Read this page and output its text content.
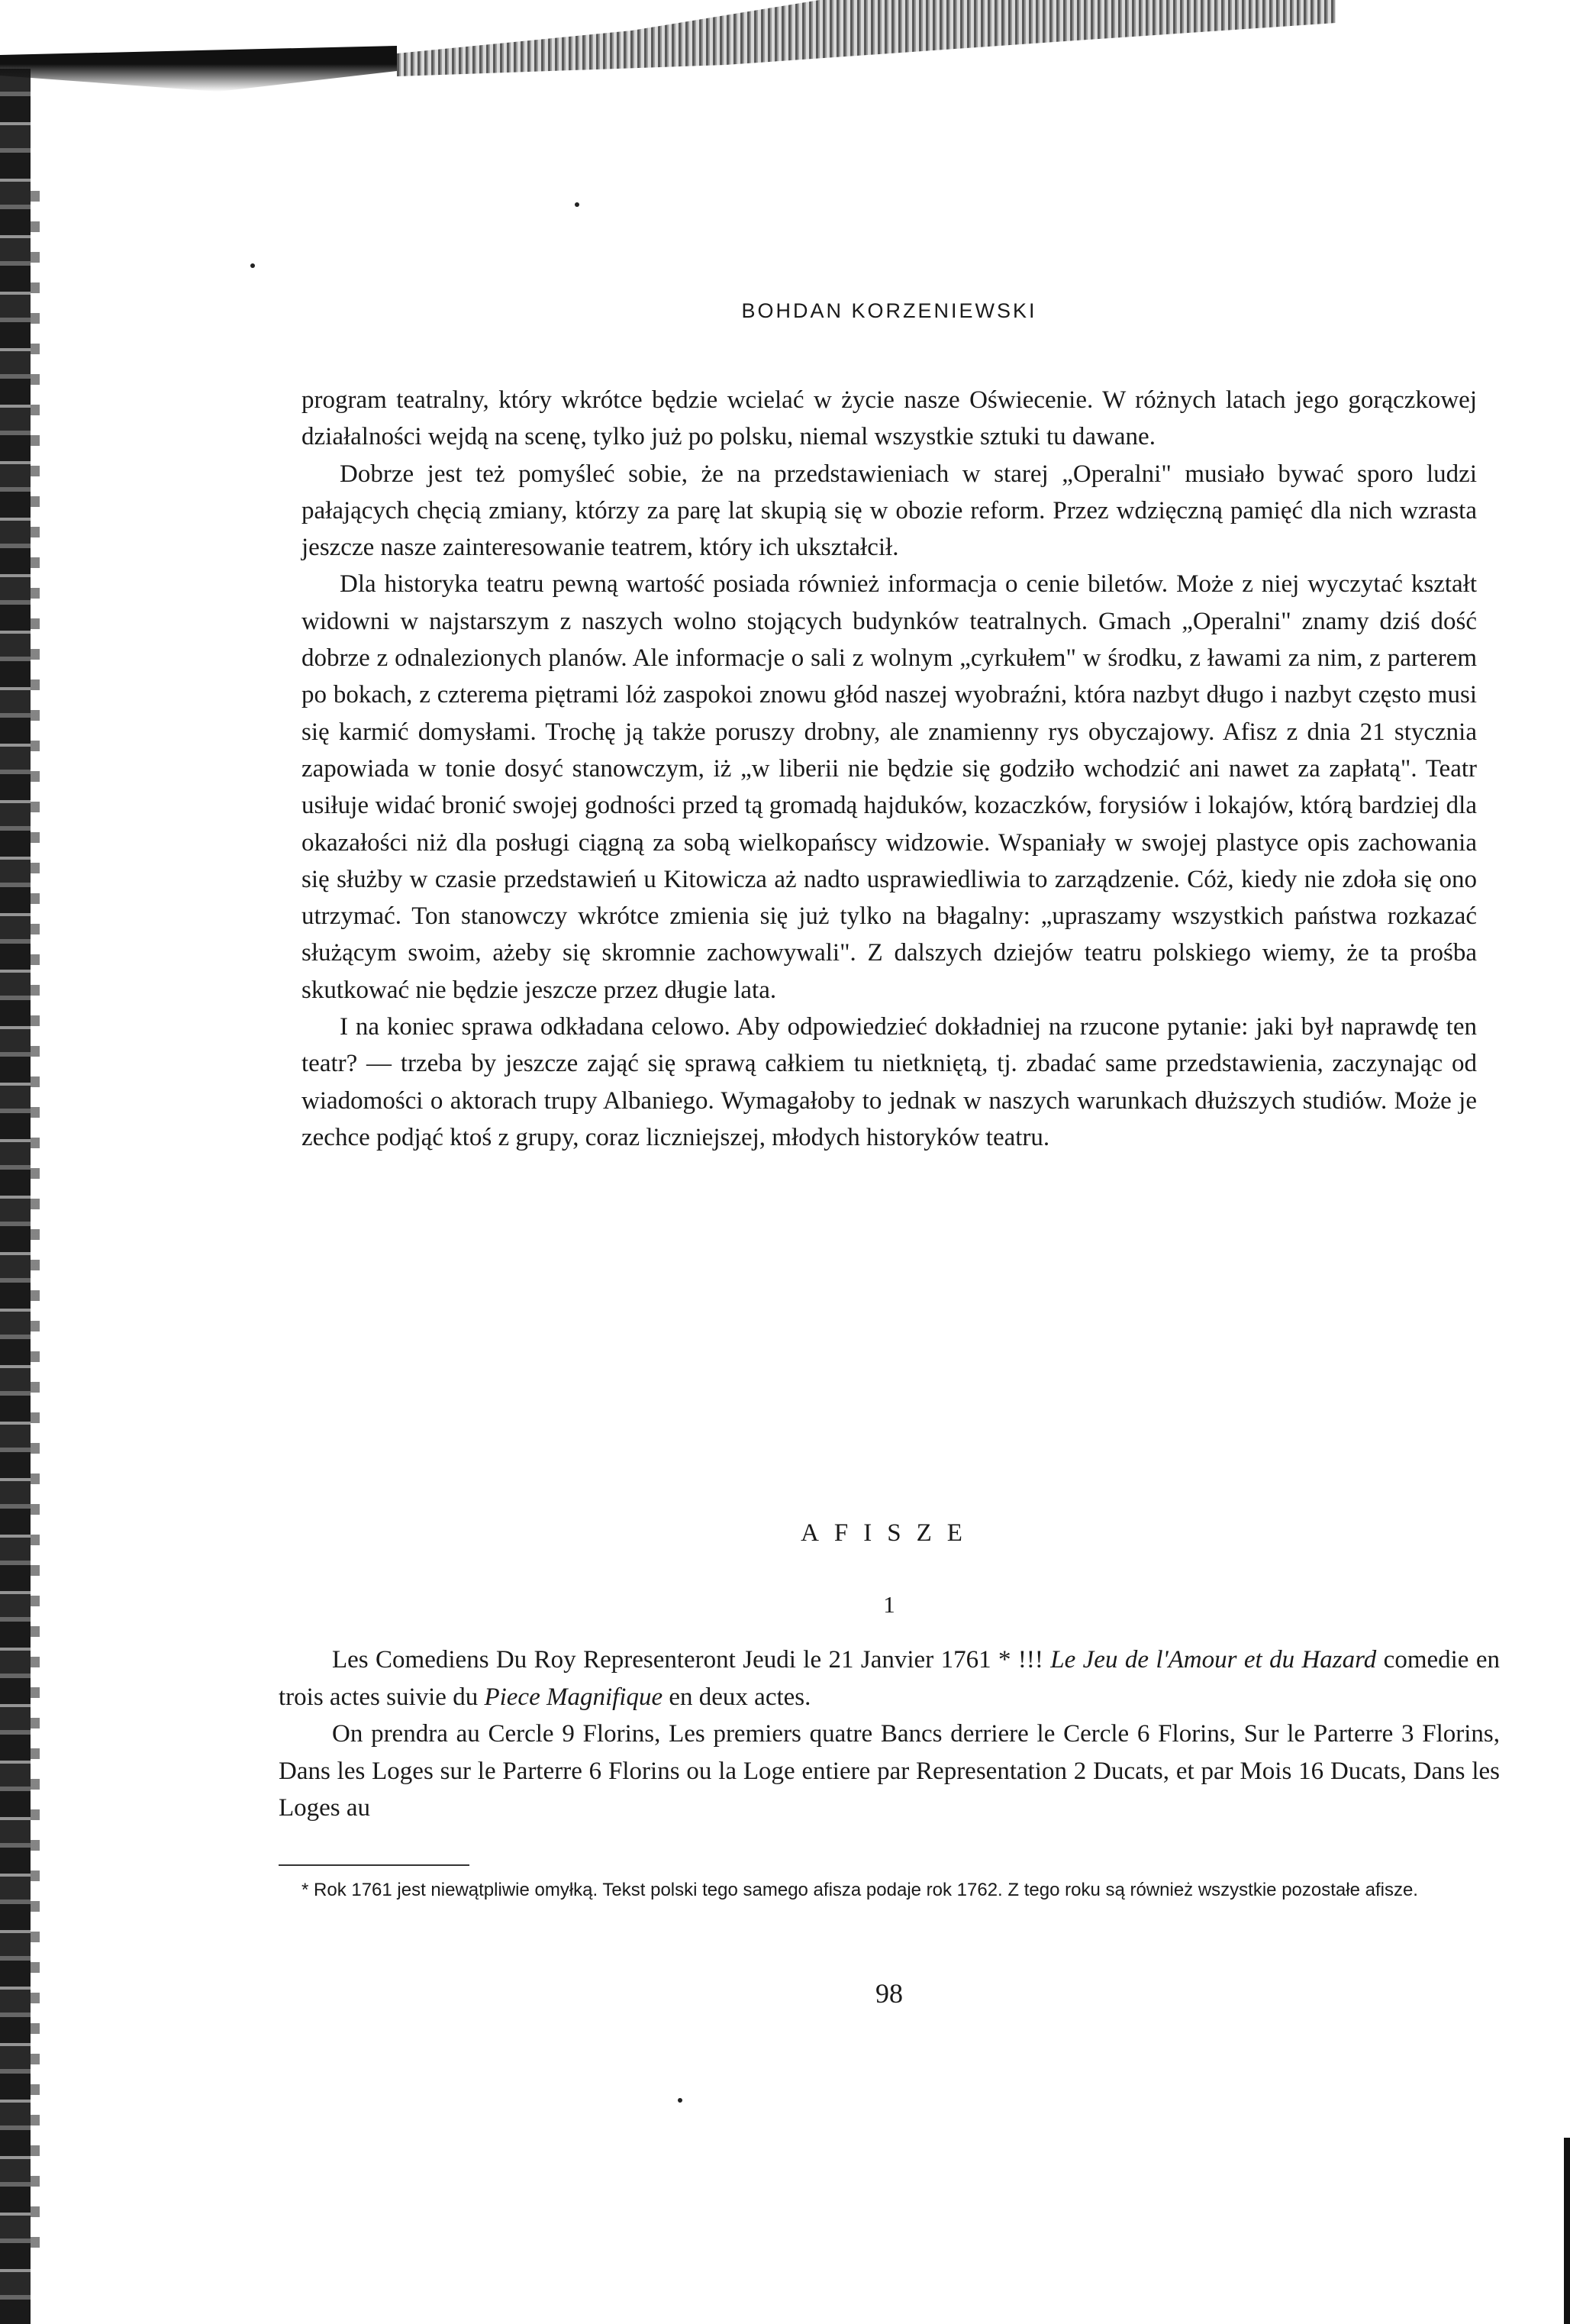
BOHDAN KORZENIEWSKI

program teatralny, który wkrótce będzie wcielać w życie nasze Oświecenie. W różnych latach jego gorączkowej działalności wejdą na scenę, tylko już po polsku, niemal wszystkie sztuki tu dawane.

Dobrze jest też pomyśleć sobie, że na przedstawieniach w starej „Operalni" musiało bywać sporo ludzi pałających chęcią zmiany, którzy za parę lat skupią się w obozie reform. Przez wdzięczną pamięć dla nich wzrasta jeszcze nasze zainteresowanie teatrem, który ich ukształcił.

Dla historyka teatru pewną wartość posiada również informacja o cenie biletów. Może z niej wyczytać kształt widowni w najstarszym z naszych wolno stojących budynków teatralnych. Gmach „Operalni" znamy dziś dość dobrze z odnalezionych planów. Ale informacje o sali z wolnym „cyrkułem" w środku, z ławami za nim, z parterem po bokach, z czterema piętrami lóż zaspokoi znowu głód naszej wyobraźni, która nazbyt długo i nazbyt często musi się karmić domysłami. Trochę ją także poruszy drobny, ale znamienny rys obyczajowy. Afisz z dnia 21 stycznia zapowiada w tonie dosyć stanowczym, iż „w liberii nie będzie się godziło wchodzić ani nawet za zapłatą". Teatr usiłuje widać bronić swojej godności przed tą gromadą hajduków, kozaczków, forysiów i lokajów, którą bardziej dla okazałości niż dla posługi ciągną za sobą wielkopańscy widzowie. Wspaniały w swojej plastyce opis zachowania się służby w czasie przedstawień u Kitowicza aż nadto usprawiedliwia to zarządzenie. Cóż, kiedy nie zdoła się ono utrzymać. Ton stanowczy wkrótce zmienia się już tylko na błagalny: „upraszamy wszystkich państwa rozkazać służącym swoim, ażeby się skromnie zachowywali". Z dalszych dziejów teatru polskiego wiemy, że ta prośba skutkować nie będzie jeszcze przez długie lata.

I na koniec sprawa odkładana celowo. Aby odpowiedzieć dokładniej na rzucone pytanie: jaki był naprawdę ten teatr? — trzeba by jeszcze zająć się sprawą całkiem tu nietkniętą, tj. zbadać same przedstawienia, zaczynając od wiadomości o aktorach trupy Albaniego. Wymagałoby to jednak w naszych warunkach dłuższych studiów. Może je zechce podjąć ktoś z grupy, coraz liczniejszej, młodych historyków teatru.

AFISZE
1

Les Comediens Du Roy Representeront Jeudi le 21 Janvier 1761 * !!! Le Jeu de l'Amour et du Hazard comedie en trois actes suivie du Piece Magnifique en deux actes.

On prendra au Cercle 9 Florins, Les premiers quatre Bancs derriere le Cercle 6 Florins, Sur le Parterre 3 Florins, Dans les Loges sur le Parterre 6 Florins ou la Loge entiere par Representation 2 Ducats, et par Mois 16 Ducats, Dans les Loges au

* Rok 1761 jest niewątpliwie omyłką. Tekst polski tego samego afisza podaje rok 1762. Z tego roku są również wszystkie pozostałe afisze.

98
